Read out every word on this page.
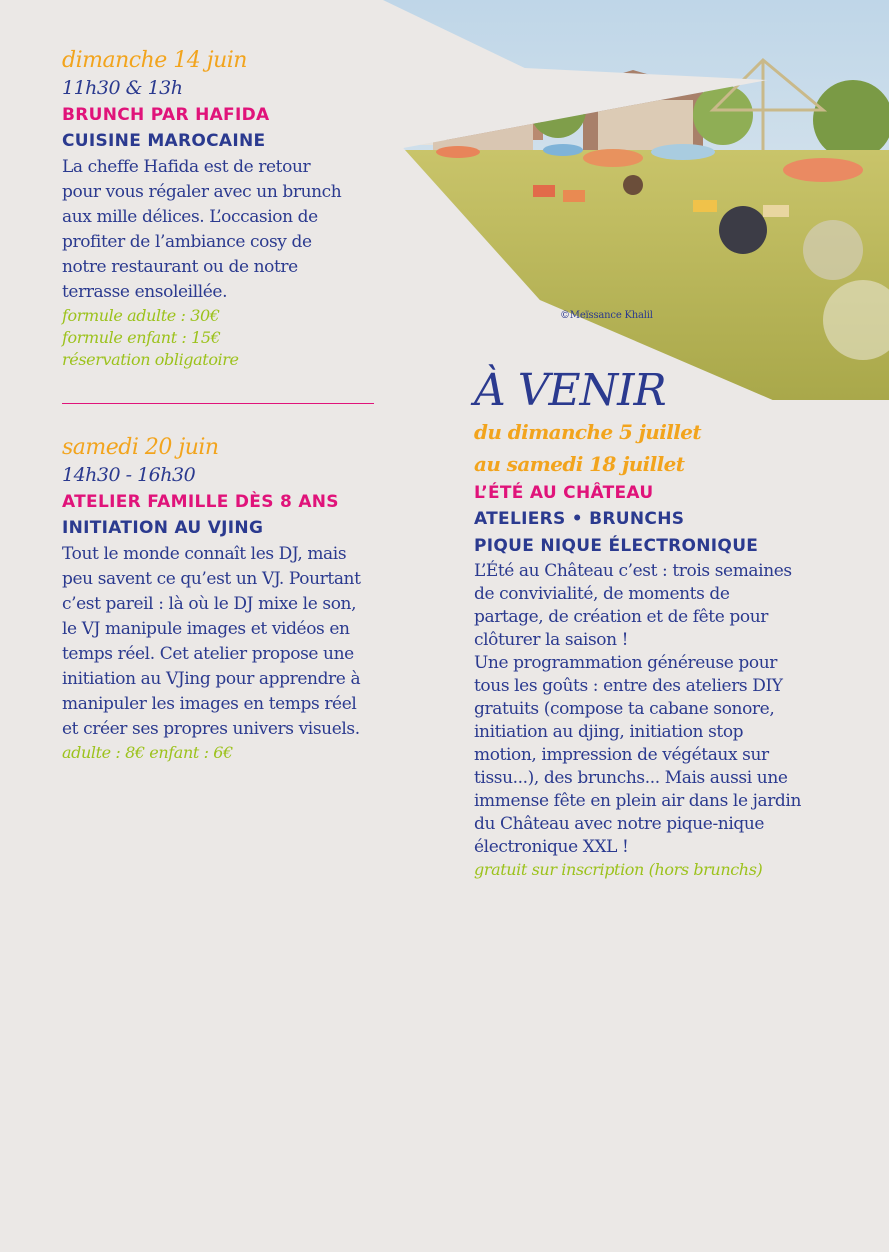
©Meïssance Khalil
dimanche 14 juin
11h30 & 13h
BRUNCH PAR HAFIDA
CUISINE MAROCAINE
La cheffe Hafida est de retour
pour vous régaler avec un brunch
aux mille délices. L’occasion de
profiter de l’ambiance cosy de
notre restaurant ou de notre
terrasse ensoleillée.
formule adulte : 30€
formule enfant : 15€
réservation obligatoire
samedi 20 juin
14h30 - 16h30
ATELIER FAMILLE DÈS 8 ANS
INITIATION AU VJING
Tout le monde connaît les DJ, mais
peu savent ce qu’est un VJ. Pourtant
c’est pareil : là où le DJ mixe le son,
le VJ manipule images et vidéos en
temps réel. Cet atelier propose une
initiation au VJing pour apprendre à
manipuler les images en temps réel
et créer ses propres univers visuels.
adulte : 8€ enfant : 6€
À VENIR
du dimanche 5 juillet
au samedi 18 juillet
L’ÉTÉ AU CHÂTEAU
ATELIERS • BRUNCHS
PIQUE NIQUE ÉLECTRONIQUE
L’Été au Château c’est : trois semaines
de convivialité, de moments de
partage, de création et de fête pour
clôturer la saison !
Une programmation généreuse pour
tous les goûts : entre des ateliers DIY
gratuits (compose ta cabane sonore,
initiation au djing, initiation stop
motion, impression de végétaux sur
tissu...), des brunchs... Mais aussi une
immense fête en plein air dans le jardin
du Château avec notre pique-nique
électronique XXL !
gratuit sur inscription (hors brunchs)
